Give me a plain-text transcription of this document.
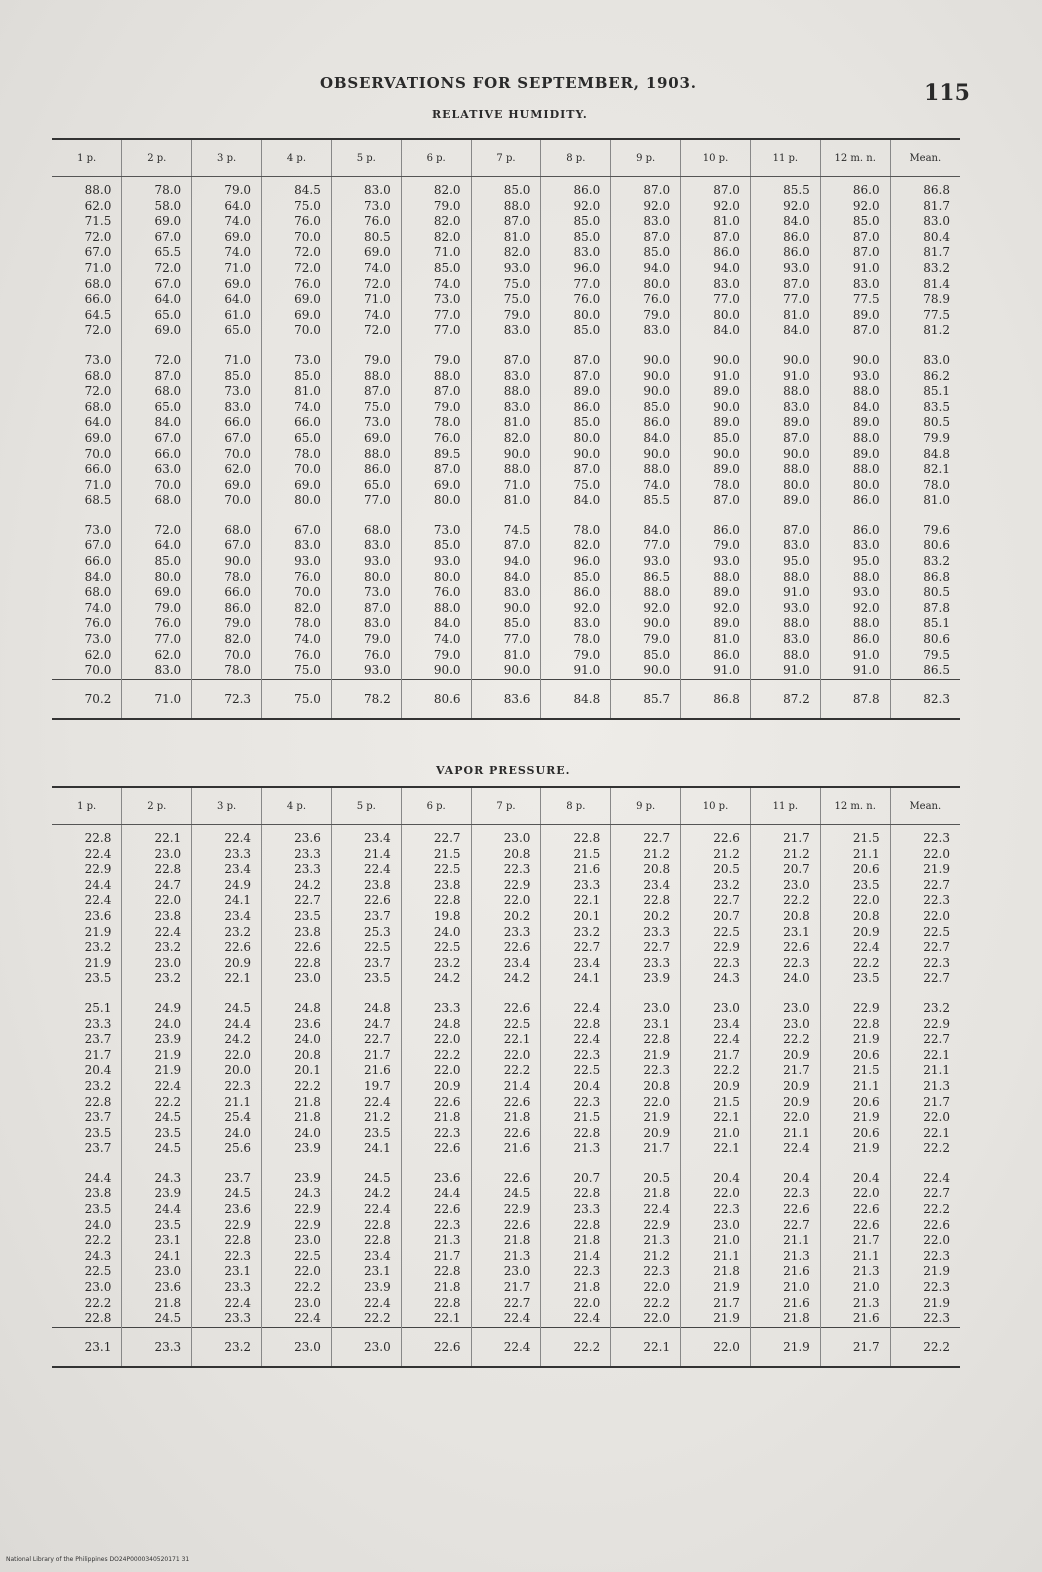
OBSERVATIONS FOR SEPTEMBER, 1903.	115
RELATIVE HUMIDITY.
1 p.	2 p.	3 p.	4 p.	5 p.	6 p.	7 p.	8 p.	9 p.	10 p.	11 p.	12 m. n.	Mean.
88.0	78.0	79.0	84.5	83.0	82.0	85.0	86.0	87.0	87.0	85.5	86.0	86.8
62.0	58.0	64.0	75.0	73.0	79.0	88.0	92.0	92.0	92.0	92.0	92.0	81.7
71.5	69.0	74.0	76.0	76.0	82.0	87.0	85.0	83.0	81.0	84.0	85.0	83.0
72.0	67.0	69.0	70.0	80.5	82.0	81.0	85.0	87.0	87.0	86.0	87.0	80.4
67.0	65.5	74.0	72.0	69.0	71.0	82.0	83.0	85.0	86.0	86.0	87.0	81.7
71.0	72.0	71.0	72.0	74.0	85.0	93.0	96.0	94.0	94.0	93.0	91.0	83.2
68.0	67.0	69.0	76.0	72.0	74.0	75.0	77.0	80.0	83.0	87.0	83.0	81.4
66.0	64.0	64.0	69.0	71.0	73.0	75.0	76.0	76.0	77.0	77.0	77.5	78.9
64.5	65.0	61.0	69.0	74.0	77.0	79.0	80.0	79.0	80.0	81.0	89.0	77.5
72.0	69.0	65.0	70.0	72.0	77.0	83.0	85.0	83.0	84.0	84.0	87.0	81.2

73.0	72.0	71.0	73.0	79.0	79.0	87.0	87.0	90.0	90.0	90.0	90.0	83.0
68.0	87.0	85.0	85.0	88.0	88.0	83.0	87.0	90.0	91.0	91.0	93.0	86.2
72.0	68.0	73.0	81.0	87.0	87.0	88.0	89.0	90.0	89.0	88.0	88.0	85.1
68.0	65.0	83.0	74.0	75.0	79.0	83.0	86.0	85.0	90.0	83.0	84.0	83.5
64.0	84.0	66.0	66.0	73.0	78.0	81.0	85.0	86.0	89.0	89.0	89.0	80.5
69.0	67.0	67.0	65.0	69.0	76.0	82.0	80.0	84.0	85.0	87.0	88.0	79.9
70.0	66.0	70.0	78.0	88.0	89.5	90.0	90.0	90.0	90.0	90.0	89.0	84.8
66.0	63.0	62.0	70.0	86.0	87.0	88.0	87.0	88.0	89.0	88.0	88.0	82.1
71.0	70.0	69.0	69.0	65.0	69.0	71.0	75.0	74.0	78.0	80.0	80.0	78.0
68.5	68.0	70.0	80.0	77.0	80.0	81.0	84.0	85.5	87.0	89.0	86.0	81.0

73.0	72.0	68.0	67.0	68.0	73.0	74.5	78.0	84.0	86.0	87.0	86.0	79.6
67.0	64.0	67.0	83.0	83.0	85.0	87.0	82.0	77.0	79.0	83.0	83.0	80.6
66.0	85.0	90.0	93.0	93.0	93.0	94.0	96.0	93.0	93.0	95.0	95.0	83.2
84.0	80.0	78.0	76.0	80.0	80.0	84.0	85.0	86.5	88.0	88.0	88.0	86.8
68.0	69.0	66.0	70.0	73.0	76.0	83.0	86.0	88.0	89.0	91.0	93.0	80.5
74.0	79.0	86.0	82.0	87.0	88.0	90.0	92.0	92.0	92.0	93.0	92.0	87.8
76.0	76.0	79.0	78.0	83.0	84.0	85.0	83.0	90.0	89.0	88.0	88.0	85.1
73.0	77.0	82.0	74.0	79.0	74.0	77.0	78.0	79.0	81.0	83.0	86.0	80.6
62.0	62.0	70.0	76.0	76.0	79.0	81.0	79.0	85.0	86.0	88.0	91.0	79.5
70.0	83.0	78.0	75.0	93.0	90.0	90.0	91.0	90.0	91.0	91.0	91.0	86.5
70.2	71.0	72.3	75.0	78.2	80.6	83.6	84.8	85.7	86.8	87.2	87.8	82.3
VAPOR PRESSURE.
1 p.	2 p.	3 p.	4 p.	5 p.	6 p.	7 p.	8 p.	9 p.	10 p.	11 p.	12 m. n.	Mean.
22.8	22.1	22.4	23.6	23.4	22.7	23.0	22.8	22.7	22.6	21.7	21.5	22.3
22.4	23.0	23.3	23.3	21.4	21.5	20.8	21.5	21.2	21.2	21.2	21.1	22.0
22.9	22.8	23.4	23.3	22.4	22.5	22.3	21.6	20.8	20.5	20.7	20.6	21.9
24.4	24.7	24.9	24.2	23.8	23.8	22.9	23.3	23.4	23.2	23.0	23.5	22.7
22.4	22.0	24.1	22.7	22.6	22.8	22.0	22.1	22.8	22.7	22.2	22.0	22.3
23.6	23.8	23.4	23.5	23.7	19.8	20.2	20.1	20.2	20.7	20.8	20.8	22.0
21.9	22.4	23.2	23.8	25.3	24.0	23.3	23.2	23.3	22.5	23.1	20.9	22.5
23.2	23.2	22.6	22.6	22.5	22.5	22.6	22.7	22.7	22.9	22.6	22.4	22.7
21.9	23.0	20.9	22.8	23.7	23.2	23.4	23.4	23.3	22.3	22.3	22.2	22.3
23.5	23.2	22.1	23.0	23.5	24.2	24.2	24.1	23.9	24.3	24.0	23.5	22.7

25.1	24.9	24.5	24.8	24.8	23.3	22.6	22.4	23.0	23.0	23.0	22.9	23.2
23.3	24.0	24.4	23.6	24.7	24.8	22.5	22.8	23.1	23.4	23.0	22.8	22.9
23.7	23.9	24.2	24.0	22.7	22.0	22.1	22.4	22.8	22.4	22.2	21.9	22.7
21.7	21.9	22.0	20.8	21.7	22.2	22.0	22.3	21.9	21.7	20.9	20.6	22.1
20.4	21.9	20.0	20.1	21.6	22.0	22.2	22.5	22.3	22.2	21.7	21.5	21.1
23.2	22.4	22.3	22.2	19.7	20.9	21.4	20.4	20.8	20.9	20.9	21.1	21.3
22.8	22.2	21.1	21.8	22.4	22.6	22.6	22.3	22.0	21.5	20.9	20.6	21.7
23.7	24.5	25.4	21.8	21.2	21.8	21.8	21.5	21.9	22.1	22.0	21.9	22.0
23.5	23.5	24.0	24.0	23.5	22.3	22.6	22.8	20.9	21.0	21.1	20.6	22.1
23.7	24.5	25.6	23.9	24.1	22.6	21.6	21.3	21.7	22.1	22.4	21.9	22.2

24.4	24.3	23.7	23.9	24.5	23.6	22.6	20.7	20.5	20.4	20.4	20.4	22.4
23.8	23.9	24.5	24.3	24.2	24.4	24.5	22.8	21.8	22.0	22.3	22.0	22.7
23.5	24.4	23.6	22.9	22.4	22.6	22.9	23.3	22.4	22.3	22.6	22.6	22.2
24.0	23.5	22.9	22.9	22.8	22.3	22.6	22.8	22.9	23.0	22.7	22.6	22.6
22.2	23.1	22.8	23.0	22.8	21.3	21.8	21.8	21.3	21.0	21.1	21.7	22.0
24.3	24.1	22.3	22.5	23.4	21.7	21.3	21.4	21.2	21.1	21.3	21.1	22.3
22.5	23.0	23.1	22.0	23.1	22.8	23.0	22.3	22.3	21.8	21.6	21.3	21.9
23.0	23.6	23.3	22.2	23.9	21.8	21.7	21.8	22.0	21.9	21.0	21.0	22.3
22.2	21.8	22.4	23.0	22.4	22.8	22.7	22.0	22.2	21.7	21.6	21.3	21.9
22.8	24.5	23.3	22.4	22.2	22.1	22.4	22.4	22.0	21.9	21.8	21.6	22.3
23.1	23.3	23.2	23.0	23.0	22.6	22.4	22.2	22.1	22.0	21.9	21.7	22.2
National Library of the Philippines DO24P0000340520171 31
